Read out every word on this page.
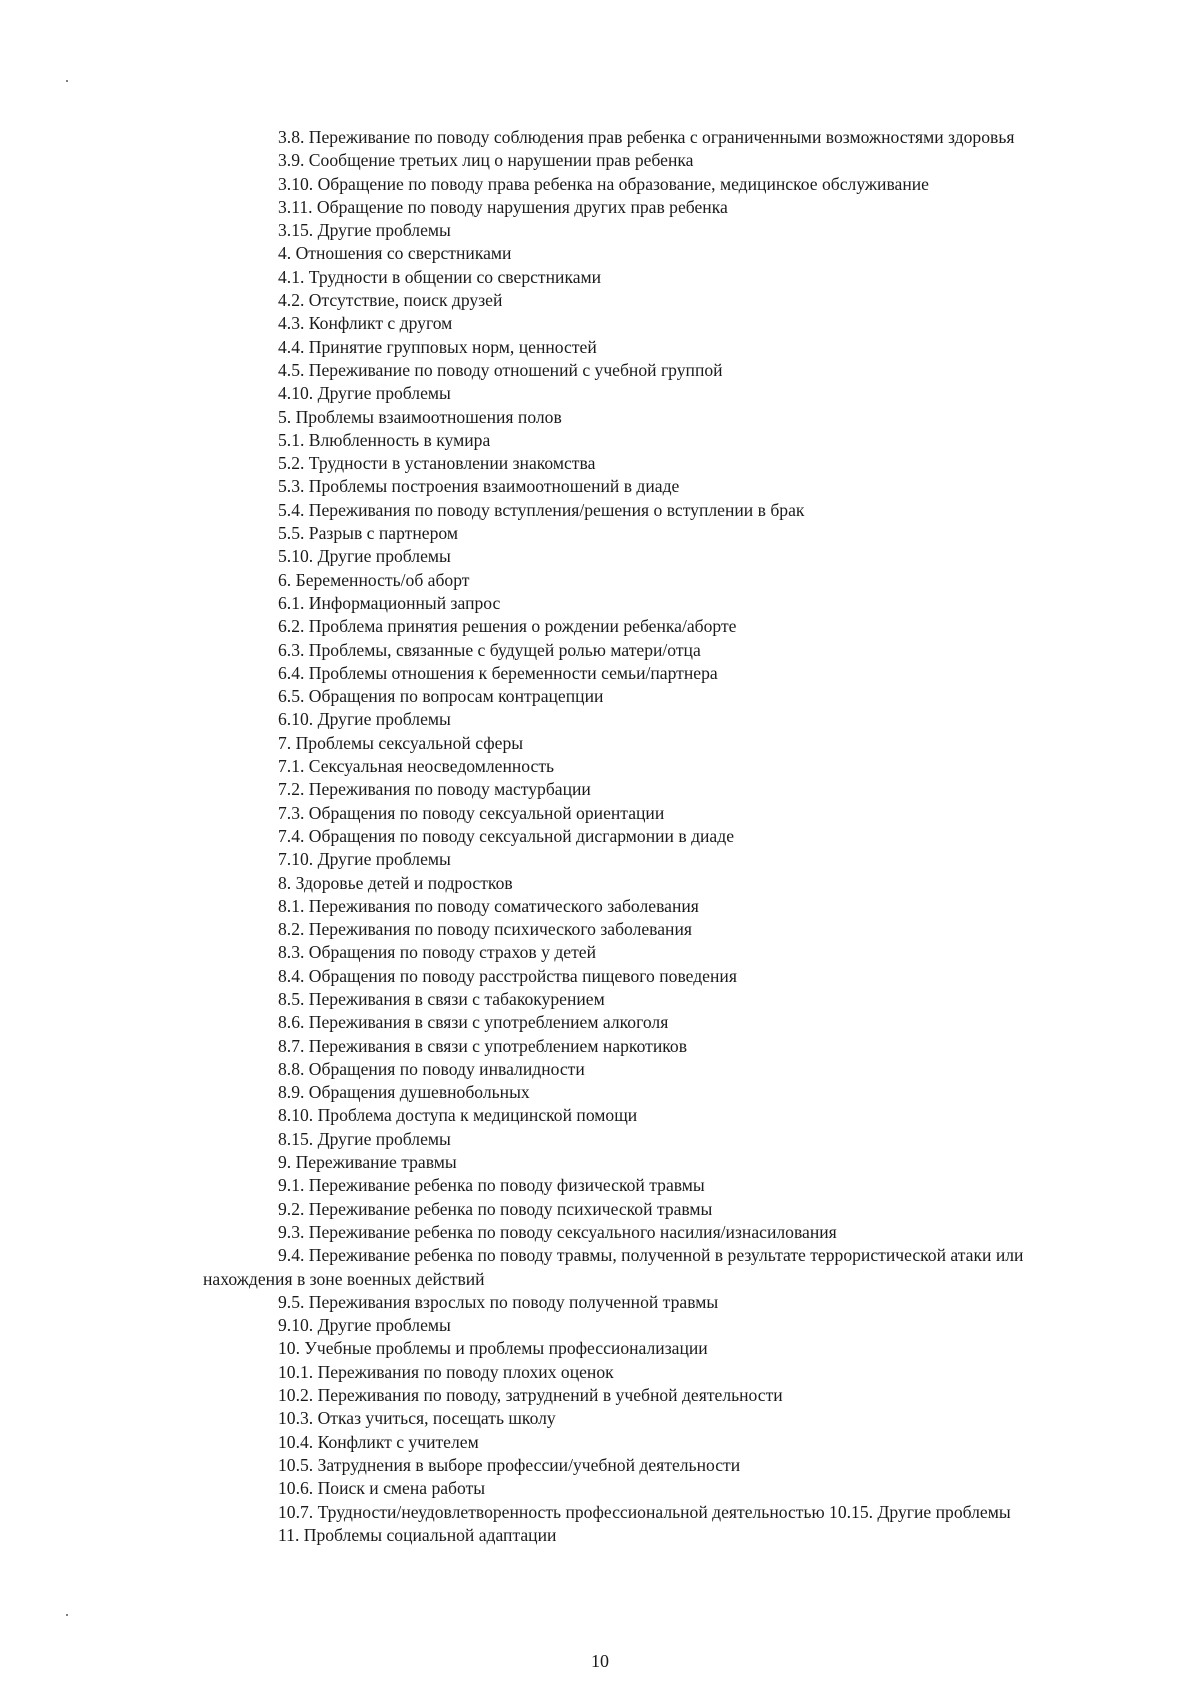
3.8. Переживание по поводу соблюдения прав ребенка с ограниченными возможностями здоровья
3.9. Сообщение третьих лиц о нарушении прав ребенка
3.10. Обращение по поводу права ребенка на образование, медицинское обслуживание
3.11. Обращение по поводу нарушения других прав ребенка
3.15. Другие проблемы
4. Отношения со сверстниками
4.1. Трудности в общении со сверстниками
4.2. Отсутствие, поиск друзей
4.3. Конфликт с другом
4.4. Принятие групповых норм, ценностей
4.5. Переживание по поводу отношений с учебной группой
4.10. Другие проблемы
5. Проблемы взаимоотношения полов
5.1. Влюбленность в кумира
5.2. Трудности в установлении знакомства
5.3. Проблемы построения взаимоотношений в диаде
5.4. Переживания по поводу вступления/решения о вступлении в брак
5.5. Разрыв с партнером
5.10. Другие проблемы
6. Беременность/об аборт
6.1. Информационный запрос
6.2. Проблема принятия решения о рождении ребенка/аборте
6.3. Проблемы, связанные с будущей ролью матери/отца
6.4. Проблемы отношения к беременности семьи/партнера
6.5. Обращения по вопросам контрацепции
6.10. Другие проблемы
7. Проблемы сексуальной сферы
7.1. Сексуальная неосведомленность
7.2. Переживания по поводу мастурбации
7.3. Обращения по поводу сексуальной ориентации
7.4. Обращения по поводу сексуальной дисгармонии в диаде
7.10. Другие проблемы
8. Здоровье детей и подростков
8.1. Переживания по поводу соматического заболевания
8.2. Переживания по поводу психического заболевания
8.3. Обращения по поводу страхов у детей
8.4. Обращения по поводу расстройства пищевого поведения
8.5. Переживания в связи с табакокурением
8.6. Переживания в связи с употреблением алкоголя
8.7. Переживания в связи с употреблением наркотиков
8.8. Обращения по поводу инвалидности
8.9. Обращения душевнобольных
8.10. Проблема доступа к медицинской помощи
8.15. Другие проблемы
9. Переживание травмы
9.1. Переживание ребенка по поводу физической травмы
9.2. Переживание ребенка по поводу психической травмы
9.3. Переживание ребенка по поводу сексуального насилия/изнасилования
9.4. Переживание ребенка по поводу травмы, полученной в результате террористической атаки или нахождения в зоне военных действий
9.5. Переживания взрослых по поводу полученной травмы
9.10. Другие проблемы
10. Учебные проблемы и проблемы профессионализации
10.1. Переживания по поводу плохих оценок
10.2. Переживания по поводу, затруднений в учебной деятельности
10.3. Отказ учиться, посещать школу
10.4. Конфликт с учителем
10.5. Затруднения в выборе профессии/учебной деятельности
10.6. Поиск и смена работы
10.7. Трудности/неудовлетворенность профессиональной деятельностью 10.15. Другие проблемы
11. Проблемы социальной адаптации
10
